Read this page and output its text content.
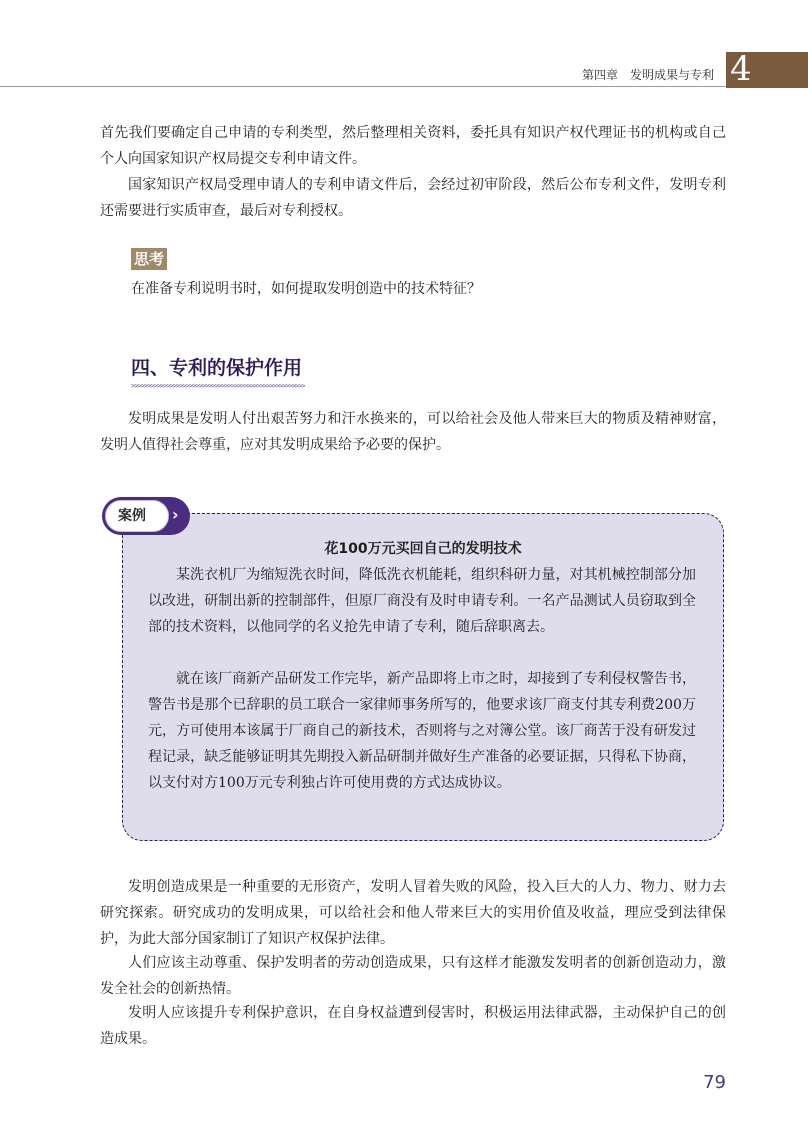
第四章　发明成果与专利 4

首先我们要确定自己申请的专利类型，然后整理相关资料，委托具有知识产权代理证书的机构或自己个人向国家知识产权局提交专利申请文件。

国家知识产权局受理申请人的专利申请文件后，会经过初审阶段，然后公布专利文件，发明专利还需要进行实质审查，最后对专利授权。

思考
在准备专利说明书时，如何提取发明创造中的技术特征？
四、专利的保护作用
>>>>>>>>>>>>>>>>>>>>>>>>>>>>>>>>>>>>>>>>>>>>>>>>>>>>>>

发明成果是发明人付出艰苦努力和汗水换来的，可以给社会及他人带来巨大的物质及精神财富，发明人值得社会尊重，应对其发明成果给予必要的保护。

案例 ›
花100万元买回自己的发明技术

某洗衣机厂为缩短洗衣时间，降低洗衣机能耗，组织科研力量，对其机械控制部分加以改进，研制出新的控制部件，但原厂商没有及时申请专利。一名产品测试人员窃取到全部的技术资料，以他同学的名义抢先申请了专利，随后辞职离去。

就在该厂商新产品研发工作完毕，新产品即将上市之时，却接到了专利侵权警告书，警告书是那个已辞职的员工联合一家律师事务所写的，他要求该厂商支付其专利费200万元，方可使用本该属于厂商自己的新技术，否则将与之对簿公堂。该厂商苦于没有研发过程记录，缺乏能够证明其先期投入新品研制并做好生产准备的必要证据，只得私下协商，以支付对方100万元专利独占许可使用费的方式达成协议。

发明创造成果是一种重要的无形资产，发明人冒着失败的风险，投入巨大的人力、物力、财力去研究探索。研究成功的发明成果，可以给社会和他人带来巨大的实用价值及收益，理应受到法律保护，为此大部分国家制订了知识产权保护法律。

人们应该主动尊重、保护发明者的劳动创造成果，只有这样才能激发发明者的创新创造动力，激发全社会的创新热情。

发明人应该提升专利保护意识，在自身权益遭到侵害时，积极运用法律武器，主动保护自己的创造成果。

79
